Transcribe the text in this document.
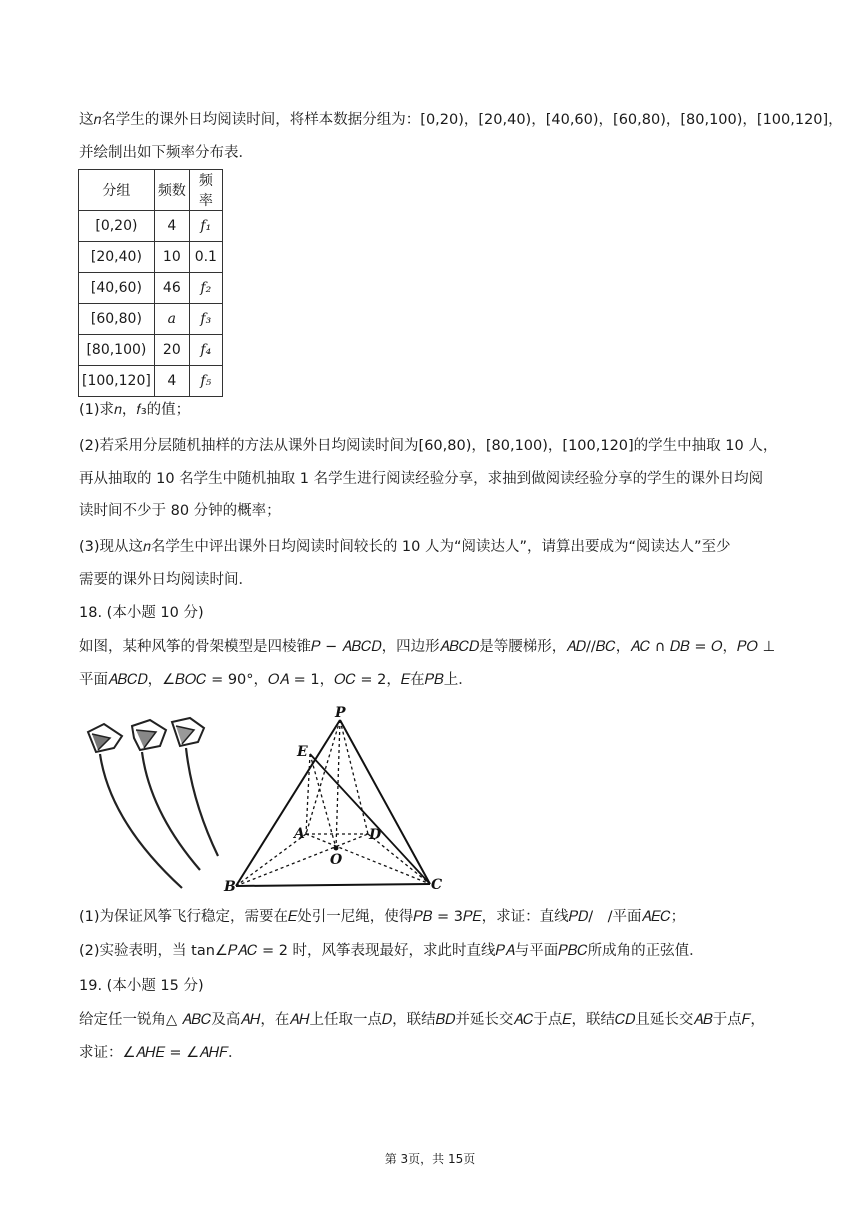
这𝑛名学生的课外日均阅读时间，将样本数据分组为：[0,20)，[20,40)，[40,60)，[60,80)，[80,100)，[100,120]，
并绘制出如下频率分布表．
分组	频数	频率
[0,20)	4	𝑓₁
[20,40)	10	0.1
[40,60)	46	𝑓₂
[60,80)	𝑎	𝑓₃
[80,100)	20	𝑓₄
[100,120]	4	𝑓₅
(1)求𝑛，𝑓₃的值；
(2)若采用分层随机抽样的方法从课外日均阅读时间为[60,80)，[80,100)，[100,120]的学生中抽取 10 人，
再从抽取的 10 名学生中随机抽取 1 名学生进行阅读经验分享，求抽到做阅读经验分享的学生的课外日均阅
读时间不少于 80 分钟的概率；
(3)现从这𝑛名学生中评出课外日均阅读时间较长的 10 人为“阅读达人”，请算出要成为“阅读达人”至少
需要的课外日均阅读时间．
18. (本小题 10 分)
如图，某种风筝的骨架模型是四棱锥𝑃 − 𝐴𝐵𝐶𝐷，四边形𝐴𝐵𝐶𝐷是等腰梯形，𝐴𝐷//𝐵𝐶，𝐴𝐶 ∩ 𝐷𝐵 = 𝑂，𝑃𝑂 ⊥
平面𝐴𝐵𝐶𝐷，∠𝐵𝑂𝐶 = 90°，𝑂𝐴 = 1，𝑂𝐶 = 2，𝐸在𝑃𝐵上．
P
E
A	D
O
B	C
(1)为保证风筝飞行稳定，需要在𝐸处引一尼绳，使得𝑃𝐵 = 3𝑃𝐸，求证：直线𝑃𝐷/　/平面𝐴𝐸𝐶；
(2)实验表明，当 tan∠𝑃𝐴𝐶 = 2 时，风筝表现最好，求此时直线𝑃𝐴与平面𝑃𝐵𝐶所成角的正弦值．
19. (本小题 15 分)
给定任一锐角△ 𝐴𝐵𝐶及高𝐴𝐻，在𝐴𝐻上任取一点𝐷，联结𝐵𝐷并延长交𝐴𝐶于点𝐸，联结𝐶𝐷且延长交𝐴𝐵于点𝐹，
求证：∠𝐴𝐻𝐸 = ∠𝐴𝐻𝐹．
第 3页，共 15页
